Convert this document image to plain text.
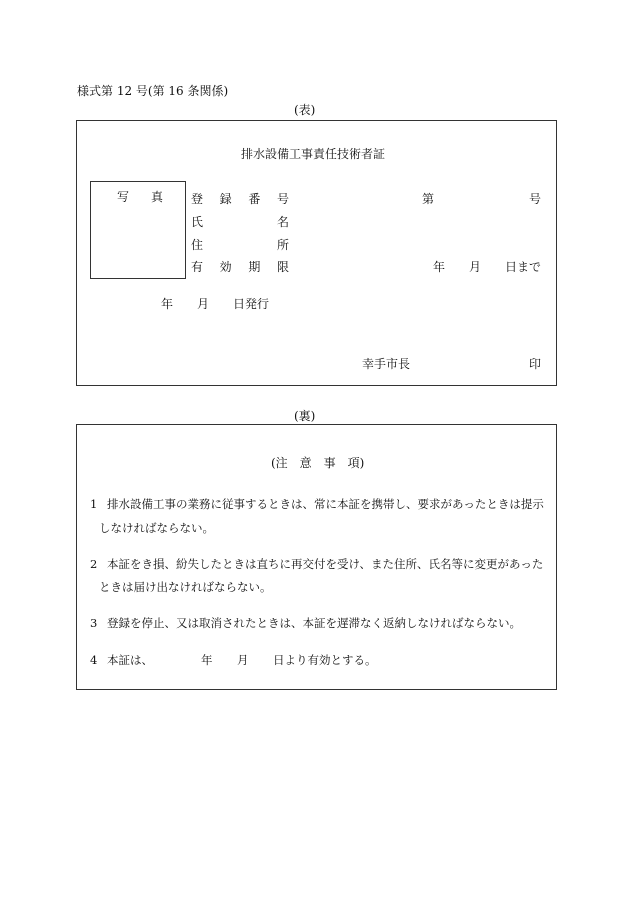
様式第 12 号(第 16 条関係)
(表)
排水設備工事責任技術者証
写 真 登 録 番 号	第	号
氏	名
住	所
有 効 期 限	年 月 日まで
年 月 日発行
幸手市長	印
(裏)
(注　意　事　項)
1 排水設備工事の業務に従事するときは、常に本証を携帯し、要求があったときは提示
しなければならない。
2 本証をき損、紛失したときは直ちに再交付を受け、また住所、氏名等に変更があった
ときは届け出なければならない。
3 登録を停止、又は取消されたときは、本証を遅滞なく返納しなければならない。
4 本証は、	年 月 日より有効とする。
